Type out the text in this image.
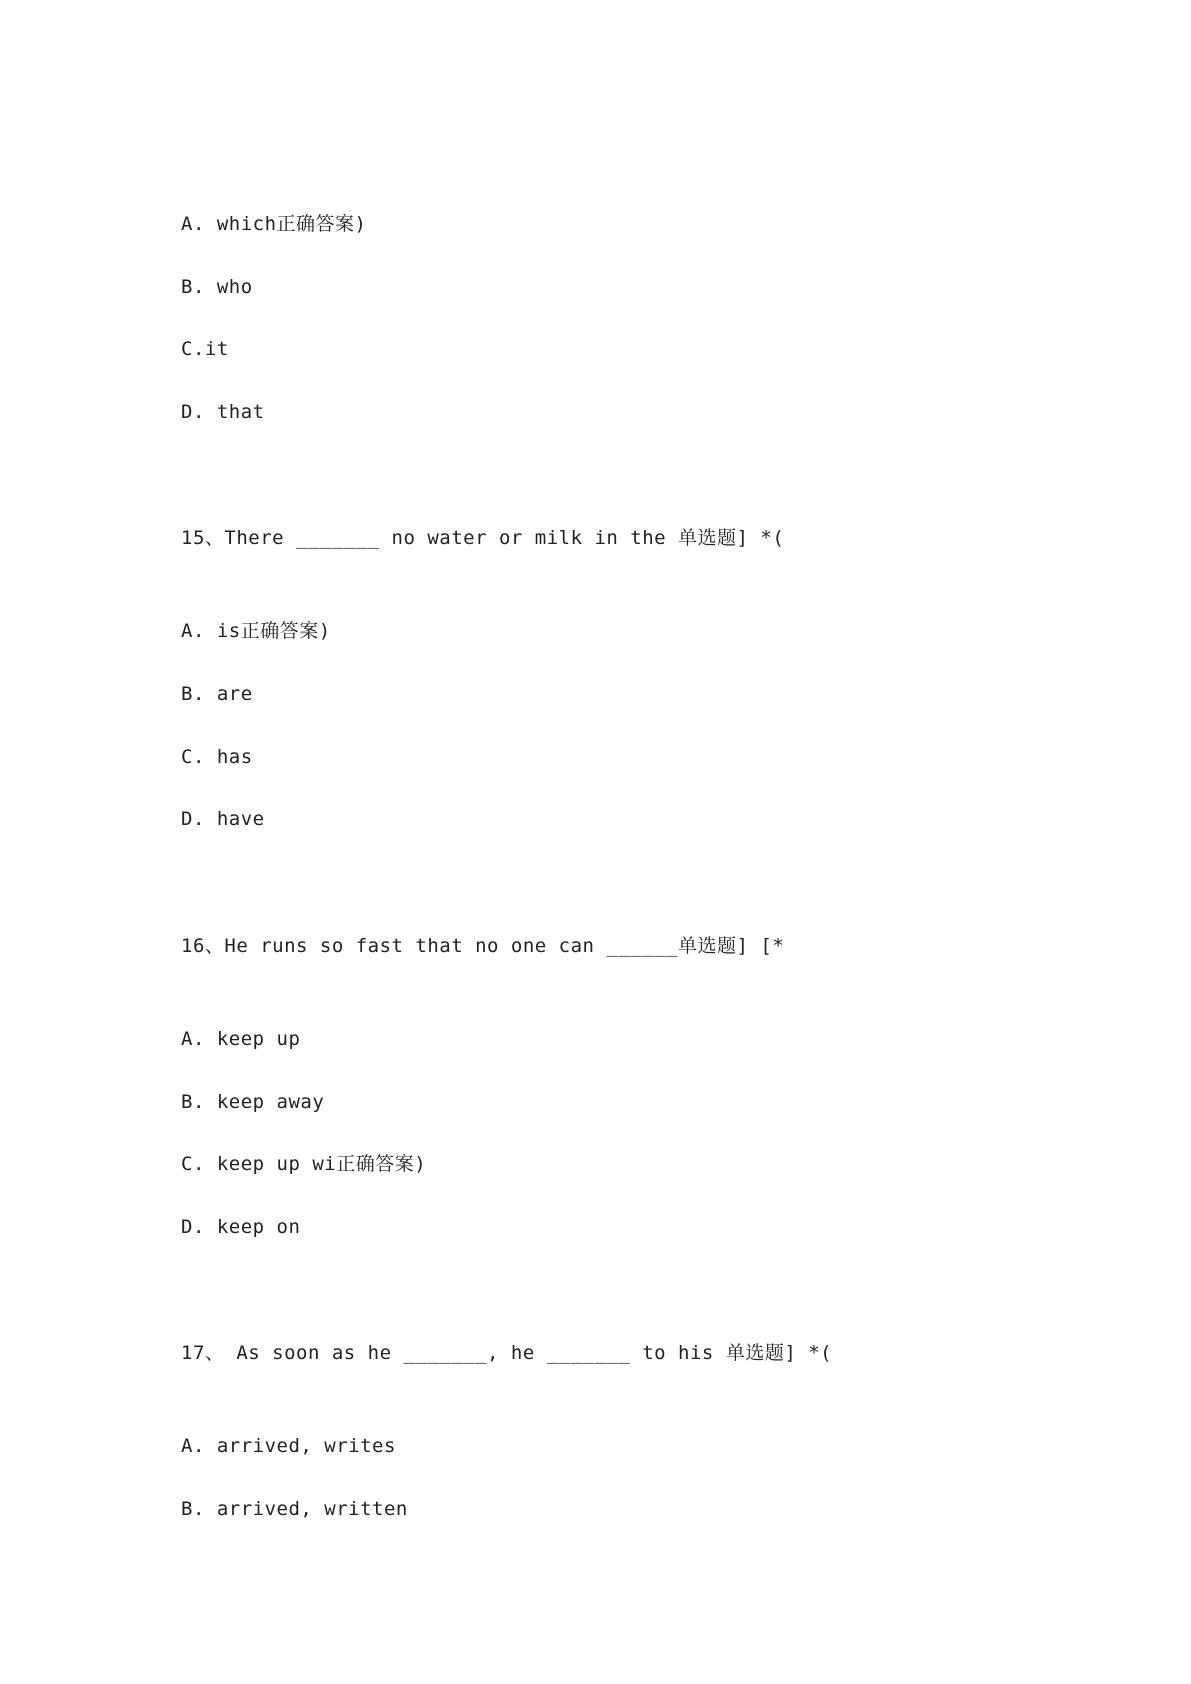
A. which正确答案)
B. who
C.it
D. that
15、There _______ no water or milk in the 单选题] *(
A. is正确答案)
B. are
C. has
D. have
16、He runs so fast that no one can ______单选题] [*
A. keep up
B. keep away
C. keep up wi正确答案)
D. keep on
17、 As soon as he _______, he _______ to his 单选题] *(
A. arrived, writes
B. arrived, written
